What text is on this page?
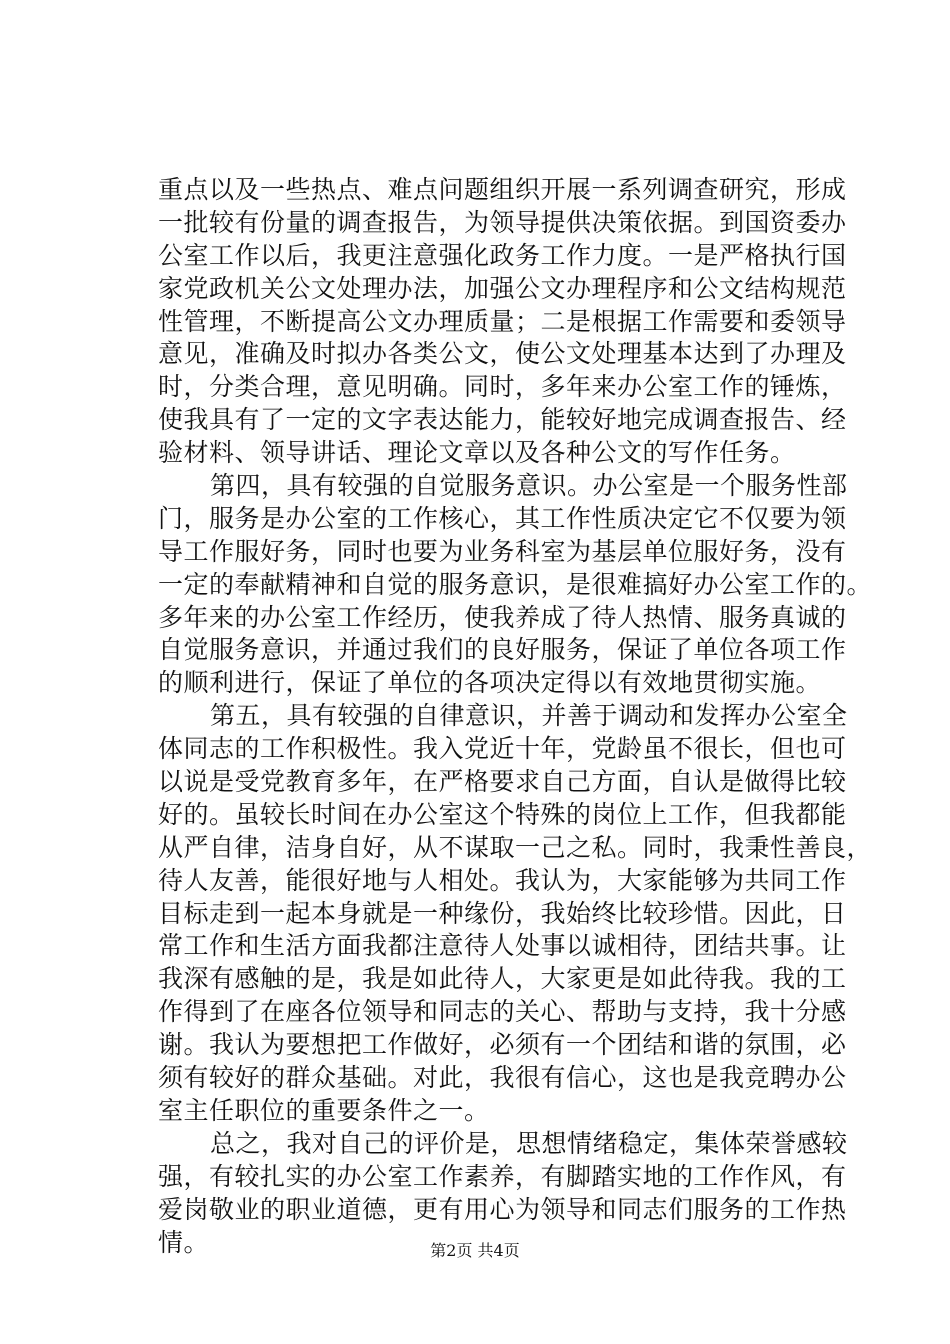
重点以及一些热点、难点问题组织开展一系列调查研究，形成
一批较有份量的调查报告，为领导提供决策依据。到国资委办
公室工作以后，我更注意强化政务工作力度。一是严格执行国
家党政机关公文处理办法，加强公文办理程序和公文结构规范
性管理，不断提高公文办理质量；二是根据工作需要和委领导
意见，准确及时拟办各类公文，使公文处理基本达到了办理及
时，分类合理，意见明确。同时，多年来办公室工作的锤炼，
使我具有了一定的文字表达能力，能较好地完成调查报告、经
验材料、领导讲话、理论文章以及各种公文的写作任务。
第四，具有较强的自觉服务意识。办公室是一个服务性部
门，服务是办公室的工作核心，其工作性质决定它不仅要为领
导工作服好务，同时也要为业务科室为基层单位服好务，没有
一定的奉献精神和自觉的服务意识，是很难搞好办公室工作的。
多年来的办公室工作经历，使我养成了待人热情、服务真诚的
自觉服务意识，并通过我们的良好服务，保证了单位各项工作
的顺利进行，保证了单位的各项决定得以有效地贯彻实施。
第五，具有较强的自律意识，并善于调动和发挥办公室全
体同志的工作积极性。我入党近十年，党龄虽不很长，但也可
以说是受党教育多年，在严格要求自己方面，自认是做得比较
好的。虽较长时间在办公室这个特殊的岗位上工作，但我都能
从严自律，洁身自好，从不谋取一己之私。同时，我秉性善良，
待人友善，能很好地与人相处。我认为，大家能够为共同工作
目标走到一起本身就是一种缘份，我始终比较珍惜。因此，日
常工作和生活方面我都注意待人处事以诚相待，团结共事。让
我深有感触的是，我是如此待人，大家更是如此待我。我的工
作得到了在座各位领导和同志的关心、帮助与支持，我十分感
谢。我认为要想把工作做好，必须有一个团结和谐的氛围，必
须有较好的群众基础。对此，我很有信心，这也是我竞聘办公
室主任职位的重要条件之一。
总之，我对自己的评价是，思想情绪稳定，集体荣誉感较
强，有较扎实的办公室工作素养，有脚踏实地的工作作风，有
爱岗敬业的职业道德，更有用心为领导和同志们服务的工作热
情。	第2页 共4页
